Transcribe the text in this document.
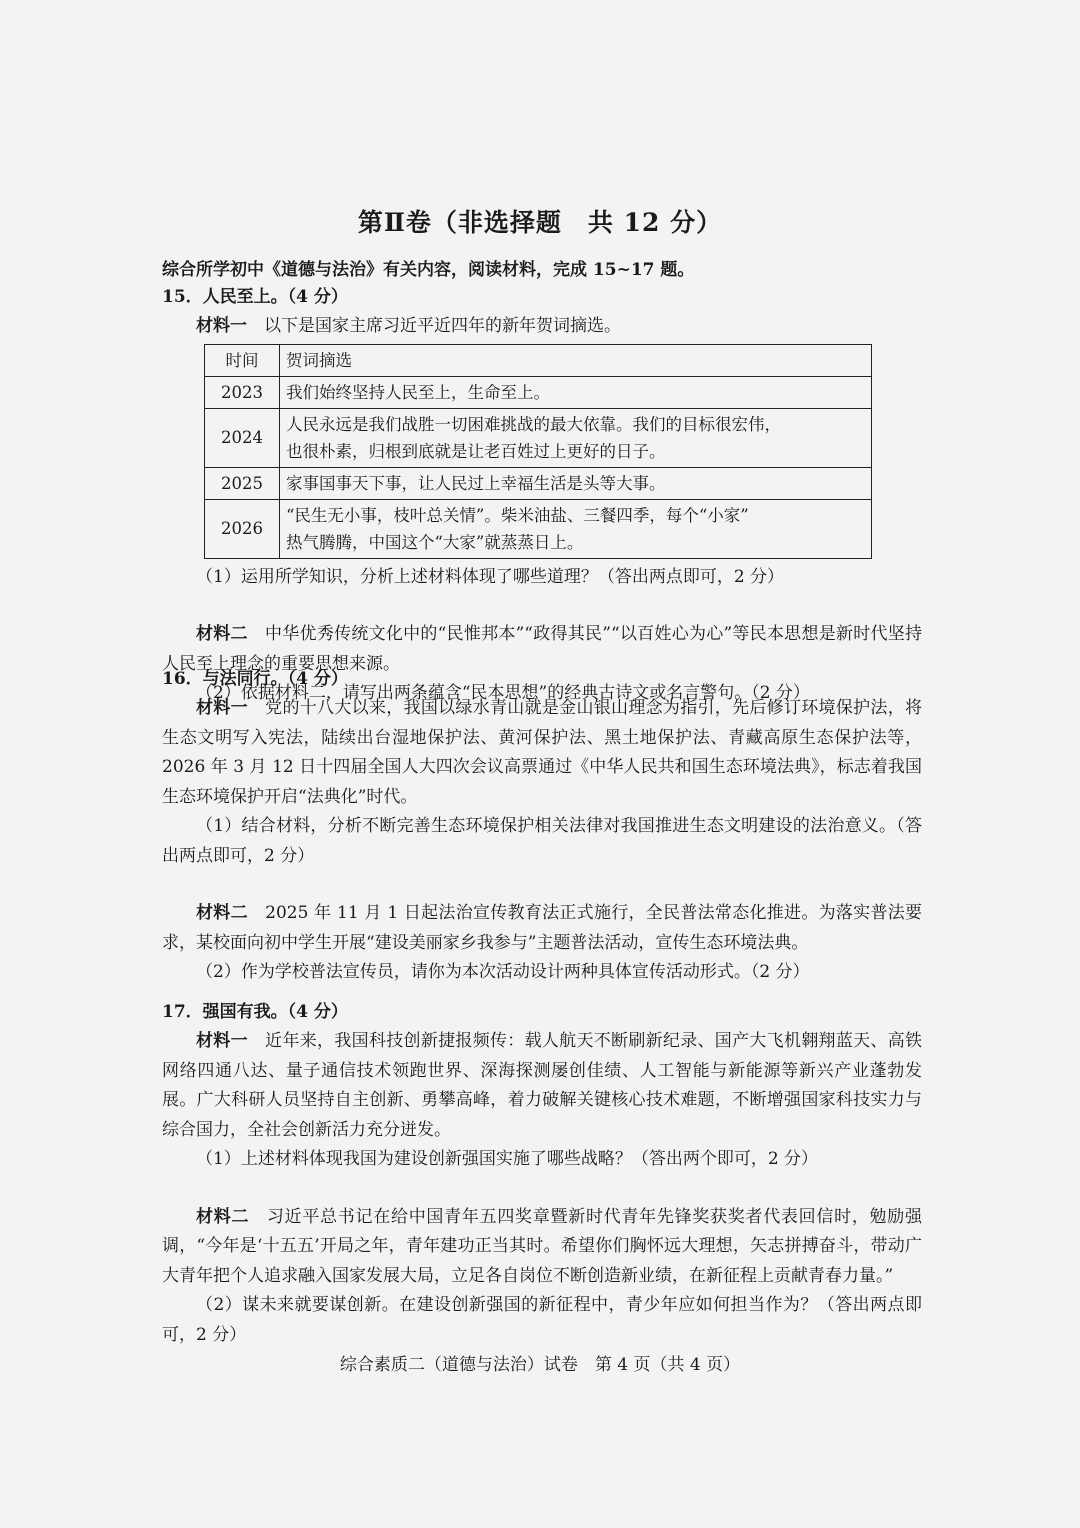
第Ⅱ卷（非选择题　共 12 分）
综合所学初中《道德与法治》有关内容，阅读材料，完成 15~17 题。
15．人民至上。（4 分）
材料一　以下是国家主席习近平近四年的新年贺词摘选。
时间	贺词摘选
2023	我们始终坚持人民至上，生命至上。

2024	人民永远是我们战胜一切困难挑战的最大依靠。我们的目标很宏伟，
也很朴素，归根到底就是让老百姓过上更好的日子。

2025	家事国事天下事，让人民过上幸福生活是头等大事。

2026	“民生无小事，枝叶总关情”。柴米油盐、三餐四季，每个“小家”
热气腾腾，中国这个“大家”就蒸蒸日上。
（1）运用所学知识，分析上述材料体现了哪些道理？（答出两点即可，2 分）
材料二　中华优秀传统文化中的“民惟邦本”“政得其民”“以百姓心为心”等民本思想是新时代坚持人民至上理念的重要思想来源。
（2）依据材料二，请写出两条蕴含“民本思想”的经典古诗文或名言警句。（2 分）
16．与法同行。（4 分）
材料一　党的十八大以来，我国以绿水青山就是金山银山理念为指引，先后修订环境保护法，将生态文明写入宪法，陆续出台湿地保护法、黄河保护法、黑土地保护法、青藏高原生态保护法等，2026 年 3 月 12 日十四届全国人大四次会议高票通过《中华人民共和国生态环境法典》，标志着我国生态环境保护开启“法典化”时代。
（1）结合材料，分析不断完善生态环境保护相关法律对我国推进生态文明建设的法治意义。（答出两点即可，2 分）
材料二　2025 年 11 月 1 日起法治宣传教育法正式施行，全民普法常态化推进。为落实普法要求，某校面向初中学生开展“建设美丽家乡我参与”主题普法活动，宣传生态环境法典。
（2）作为学校普法宣传员，请你为本次活动设计两种具体宣传活动形式。（2 分）
17．强国有我。（4 分）
材料一　近年来，我国科技创新捷报频传：载人航天不断刷新纪录、国产大飞机翱翔蓝天、高铁网络四通八达、量子通信技术领跑世界、深海探测屡创佳绩、人工智能与新能源等新兴产业蓬勃发展。广大科研人员坚持自主创新、勇攀高峰，着力破解关键核心技术难题，不断增强国家科技实力与综合国力，全社会创新活力充分迸发。
（1）上述材料体现我国为建设创新强国实施了哪些战略？（答出两个即可，2 分）
材料二　习近平总书记在给中国青年五四奖章暨新时代青年先锋奖获奖者代表回信时，勉励强调，“今年是‘十五五’开局之年，青年建功正当其时。希望你们胸怀远大理想，矢志拼搏奋斗，带动广大青年把个人追求融入国家发展大局，立足各自岗位不断创造新业绩，在新征程上贡献青春力量。”
（2）谋未来就要谋创新。在建设创新强国的新征程中，青少年应如何担当作为？（答出两点即可，2 分）
综合素质二（道德与法治）试卷　第 4 页（共 4 页）
